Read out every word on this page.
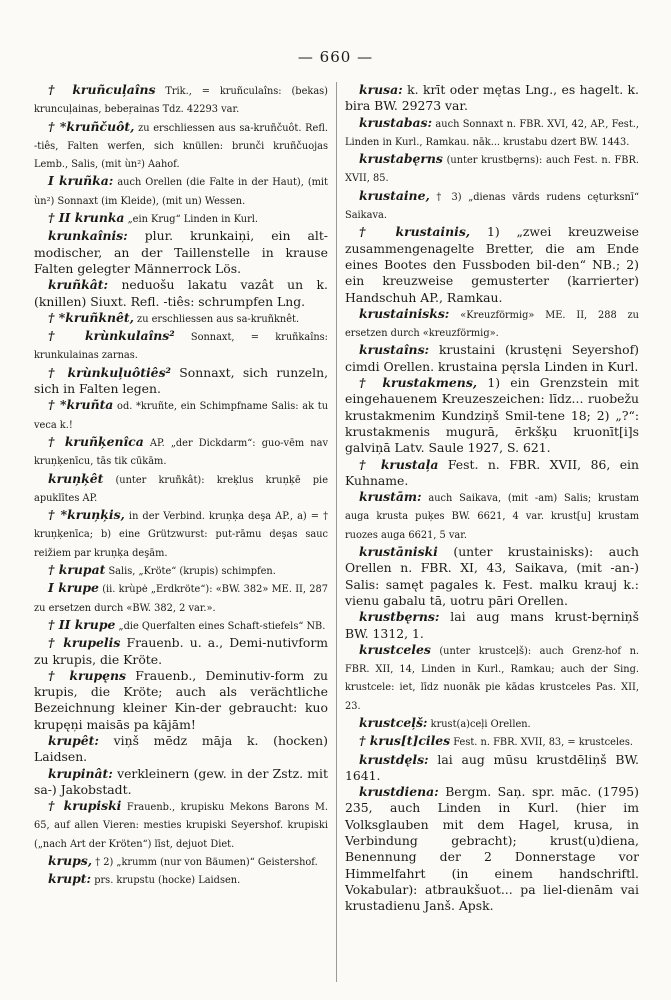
— 660 —

† kruñcuļaîns Trik., = kruñculaîns: (bekas) kruncuļainas, bebeŗainas Tdz. 42293 var.

† *kruñčuôt, zu erschliessen aus sa-kruñčuôt. Refl. -tiês, Falten werfen, sich knüllen: brunči kruñčuojas Lemb., Salis, (mit ùn²) Aahof.

I kruñka: auch Orellen (die Falte in der Haut), (mit ùn²) Sonnaxt (im Kleide), (mit un) Wessen.

† II krunka „ein Krug“ Linden in Kurl.

krunkaînis: plur. krunkaiņi, ein alt-modischer, an der Taillenstelle in krause Falten gelegter Männerrock Lös.

kruñkât: neduošu lakatu vazât un k. (knillen) Siuxt. Refl. -tiês: schrumpfen Lng.

† *kruñknêt, zu erschliessen aus sa-kruñknêt.

† krùnkulaîns² Sonnaxt, = kruñkaîns: krunkulainas zarnas.

† krùnkuļuôtiês² Sonnaxt, sich runzeln, sich in Falten legen.

† *kruñta od. *kruñte, ein Schimpfname Salis: ak tu veca k.!

† kruñķenîca AP. „der Dickdarm“: guo-vēm nav kruņķenīcu, tās tik cūkām.

kruņķêt (unter kruñkât): kreķlus kruņķē pie apuklītes AP.

† *kruņķis, in der Verbind. kruņķa deşa AP., a) = † kruņķenīca; b) eine Grützwurst: put-rāmu deşas sauc reižiem par kruņķa deşām.

† krupat Salis, „Kröte“ (krupis) schimpfen.

I krupe (ii. krùpė „Erdkröte“): «BW. 382» ME. II, 287 zu ersetzen durch «BW. 382, 2 var.».

† II krupe „die Querfalten eines Schaft-stiefels“ NB.

† krupelis Frauenb. u. a., Demi-nutivform zu krupis, die Kröte.

† krupęns Frauenb., Deminutiv-form zu krupis, die Kröte; auch als verächtliche Bezeichnung kleiner Kin-der gebraucht: kuo krupęņi maisās pa kājām!

krupêt: viņš mēdz māja k. (hocken) Laidsen.

krupinât: verkleinern (gew. in der Zstz. mit sa-) Jakobstadt.

† krupiski Frauenb., krupisku Mekons Barons M. 65, auf allen Vieren: mesties krupiski Seyershof. krupiski („nach Art der Kröten“) līst, dejuot Diet.

krups, † 2) „krumm (nur von Bäumen)“ Geistershof.

krupt: prs. krupstu (hocke) Laidsen.

krusa: k. krīt oder mętas Lng., es hagelt. k. bira BW. 29273 var.

krustabas: auch Sonnaxt n. FBR. XVI, 42, AP., Fest., Linden in Kurl., Ramkau. nāk... krustabu dzert BW. 1443.

krustabęrns (unter krustbęrns): auch Fest. n. FBR. XVII, 85.

krustaine, † 3) „dienas vārds rudens cęturksnī“ Saikava.

† krustainis, 1) „zwei kreuzweise zusammengenagelte Bretter, die am Ende eines Bootes den Fussboden bil-den“ NB.; 2) ein kreuzweise gemusterter (karrierter) Handschuh AP., Ramkau.

krustainisks: «Kreuzförmig» ME. II, 288 zu ersetzen durch «kreuzförmig».

krustaîns: krustaini (krustęni Seyershof) cimdi Orellen. krustaina pęrsla Linden in Kurl.

† krustakmens, 1) ein Grenzstein mit eingehauenem Kreuzeszeichen: līdz... ruobežu krustakmenim Kundziņš Smil-tene 18; 2) „?“: krustakmenis mugurā, ērkšķu kruonīt[i]s galviņā Latv. Saule 1927, S. 621.

† krustaļa Fest. n. FBR. XVII, 86, ein Kuhname.

krustām: auch Saikava, (mit -am) Salis; krustam auga krusta puķes BW. 6621, 4 var. krust[u] krustam ruozes auga 6621, 5 var.

krustāniski (unter krustainisks): auch Orellen n. FBR. XI, 43, Saikava, (mit -an-) Salis: samęt pagales k. Fest. malku krauj k.: vienu gabalu tā, uotru pāri Orellen.

krustbęrns: lai aug mans krust-bęrniņš BW. 1312, 1.

krustceles (unter krustceļš): auch Grenz-hof n. FBR. XII, 14, Linden in Kurl., Ramkau; auch der Sing. krustcele: iet, līdz nuonāk pie kādas krustceles Pas. XII, 23.

krustceļš: krust(a)ceļi Orellen.

† krus[t]ciles Fest. n. FBR. XVII, 83, = krustceles.

krustdęls: lai aug mūsu krustdēliņš BW. 1641.

krustdiena: Bergm. Saņ. spr. māc. (1795) 235, auch Linden in Kurl. (hier im Volksglauben mit dem Hagel, krusa, in Verbindung gebracht); krust(u)diena, Benennung der 2 Donnerstage vor Himmelfahrt (in einem handschriftl. Vokabular): atbraukšuot... pa liel-dienām vai krustadienu Janš. Apsk.
